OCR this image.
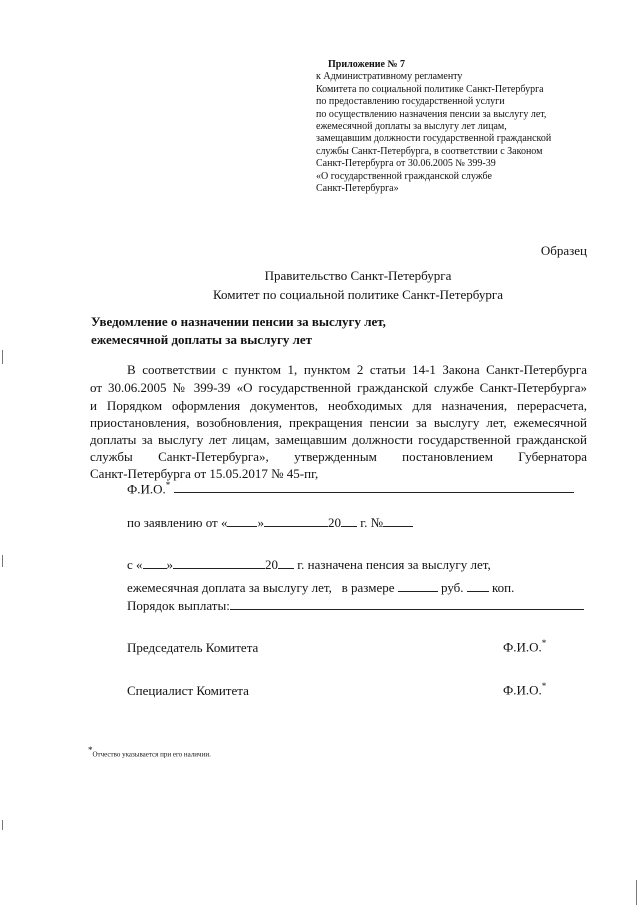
Приложение № 7
к Административному регламенту
Комитета по социальной политике Санкт-Петербурга
по предоставлению государственной услуги
по осуществлению назначения пенсии за выслугу лет,
ежемесячной доплаты за выслугу лет лицам,
замещавшим должности государственной гражданской
службы Санкт-Петербурга, в соответствии с Законом
Санкт-Петербурга от 30.06.2005 № 399-39
«О государственной гражданской службе
Санкт-Петербурга»
Образец
Правительство Санкт-Петербурга
Комитет по социальной политике Санкт-Петербурга
Уведомление о назначении пенсии за выслугу лет,
ежемесячной доплаты за выслугу лет
В соответствии с пунктом 1, пунктом 2 статьи 14-1 Закона Санкт-Петербурга
от 30.06.2005 № 399-39 «О государственной гражданской службе Санкт-Петербурга»
и Порядком оформления документов, необходимых для назначения, перерасчета,
приостановления, возобновления, прекращения пенсии за выслугу лет, ежемесячной
доплаты за выслугу лет лицам, замещавшим должности государственной гражданской
службы Санкт-Петербурга», утвержденным постановлением Губернатора
Санкт-Петербурга от 15.05.2017 № 45-пг,
Ф.И.О.*
по заявлению от « »	20 г. №
с « »	20 г. назначена пенсия за выслугу лет,
ежемесячная доплата за выслугу лет, в размере	руб. коп.
Порядок выплаты:
Председатель Комитета	Ф.И.О.*
Специалист Комитета	Ф.И.О.*
*Отчество указывается при его наличии.
